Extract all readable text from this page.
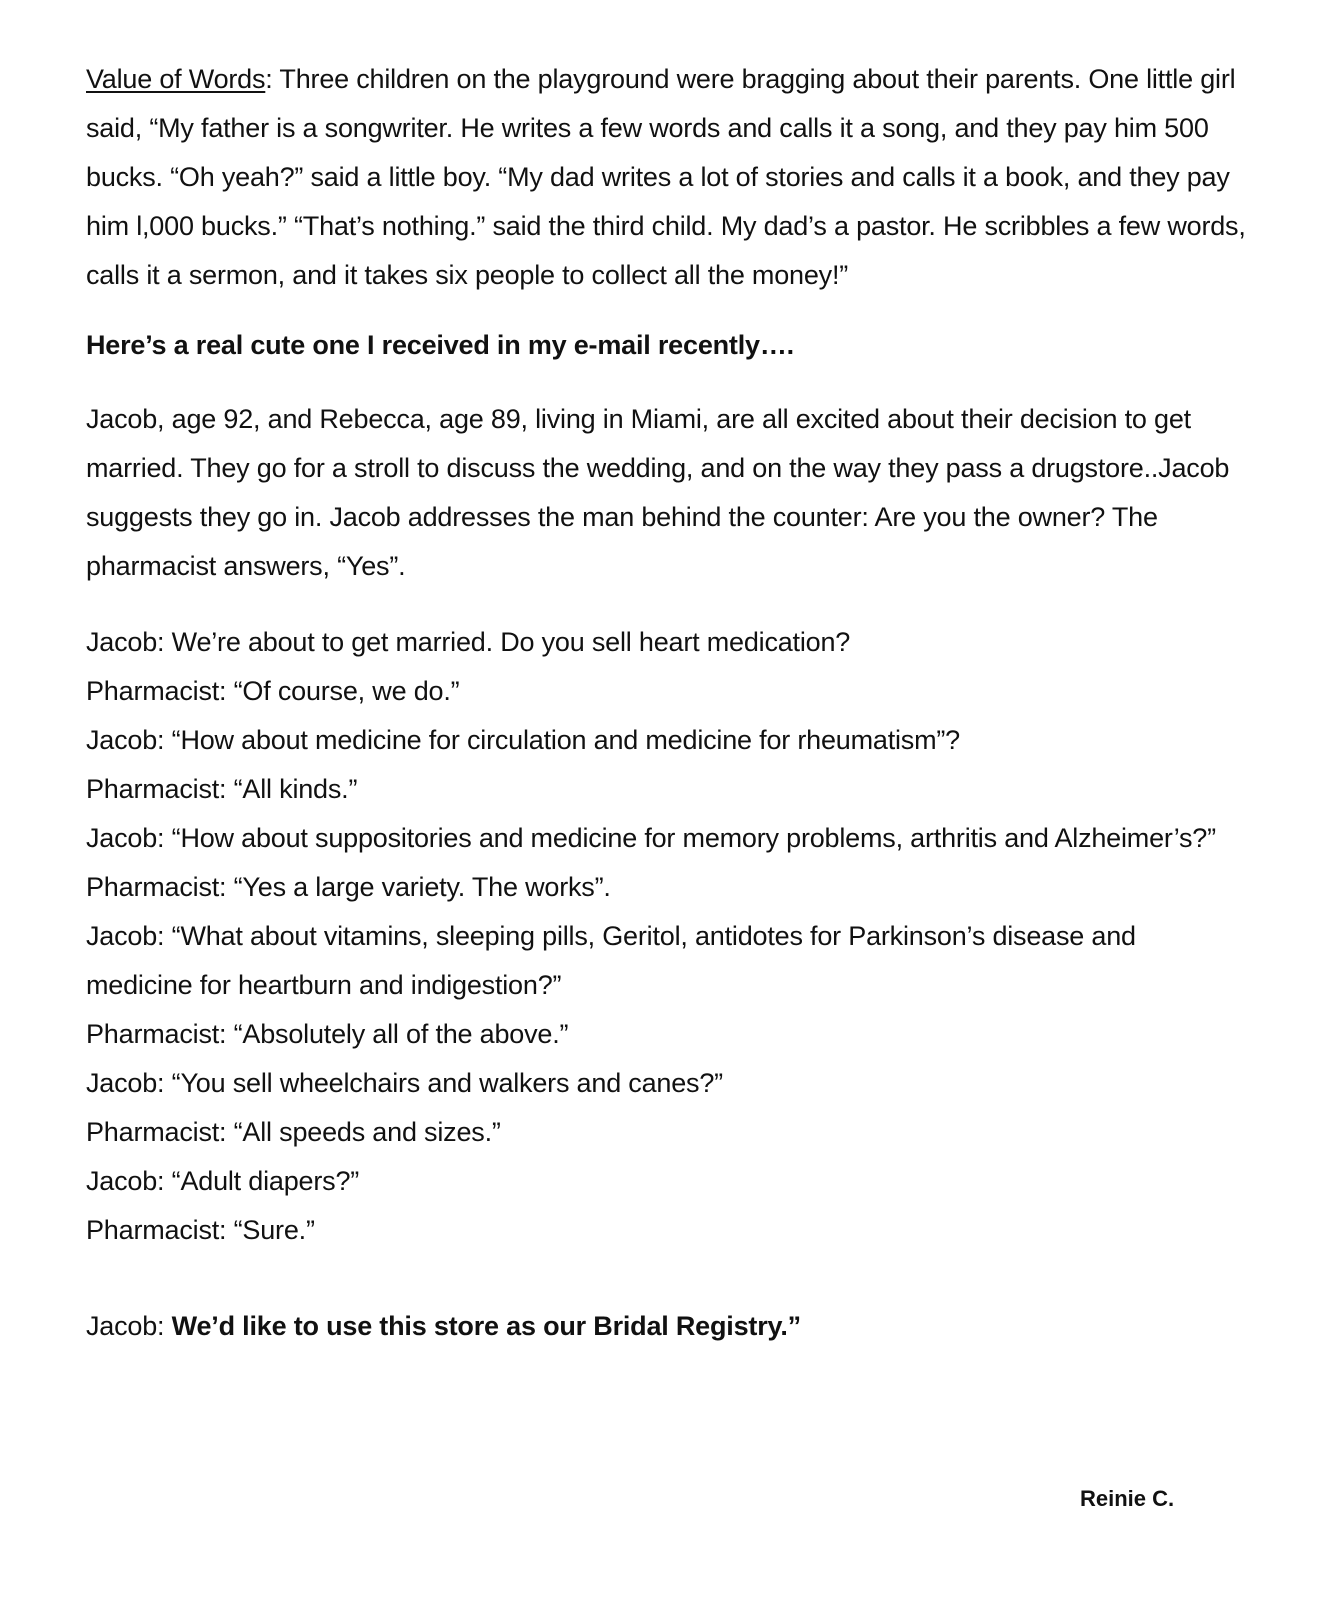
Value of Words: Three children on the playground were bragging about their parents. One little girl said, “My father is a songwriter. He writes a few words and calls it a song, and they pay him 500 bucks. “Oh yeah?” said a little boy. “My dad writes a lot of stories and calls it a book, and they pay him l,000 bucks.” “That’s nothing.” said the third child. My dad’s a pastor. He scribbles a few words, calls it a sermon, and it takes six people to collect all the money!”

Here’s a real cute one I received in my e-mail recently….

Jacob, age 92, and Rebecca, age 89, living in Miami, are all excited about their decision to get married. They go for a stroll to discuss the wedding, and on the way they pass a drugstore..Jacob suggests they go in. Jacob addresses the man behind the counter: Are you the owner? The pharmacist answers, “Yes”.

Jacob: We’re about to get married. Do you sell heart medication?

Pharmacist: “Of course, we do.”

Jacob: “How about medicine for circulation and medicine for rheumatism”?

Pharmacist: “All kinds.”

Jacob: “How about suppositories and medicine for memory problems, arthritis and Alzheimer’s?”

Pharmacist: “Yes a large variety. The works”.

Jacob: “What about vitamins, sleeping pills, Geritol, antidotes for Parkinson’s disease and medicine for heartburn and indigestion?”

Pharmacist: “Absolutely all of the above.”

Jacob: “You sell wheelchairs and walkers and canes?”

Pharmacist: “All speeds and sizes.”

Jacob: “Adult diapers?”

Pharmacist: “Sure.”

Jacob: We’d like to use this store as our Bridal Registry.”

Reinie C.
